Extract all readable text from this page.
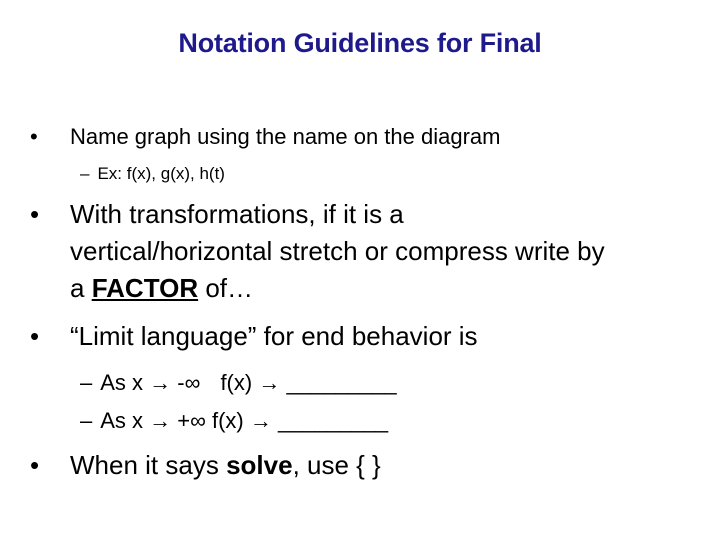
Notation Guidelines for Final
• Name graph using the name on the diagram
– Ex: f(x), g(x), h(t)
• With transformations, if it is a
vertical/horizontal stretch or compress write by
a FACTOR of…
• “Limit language” for end behavior is
– As x → -∞ f(x) → _________
– As x → +∞ f(x) → _________
• When it says solve, use { }
